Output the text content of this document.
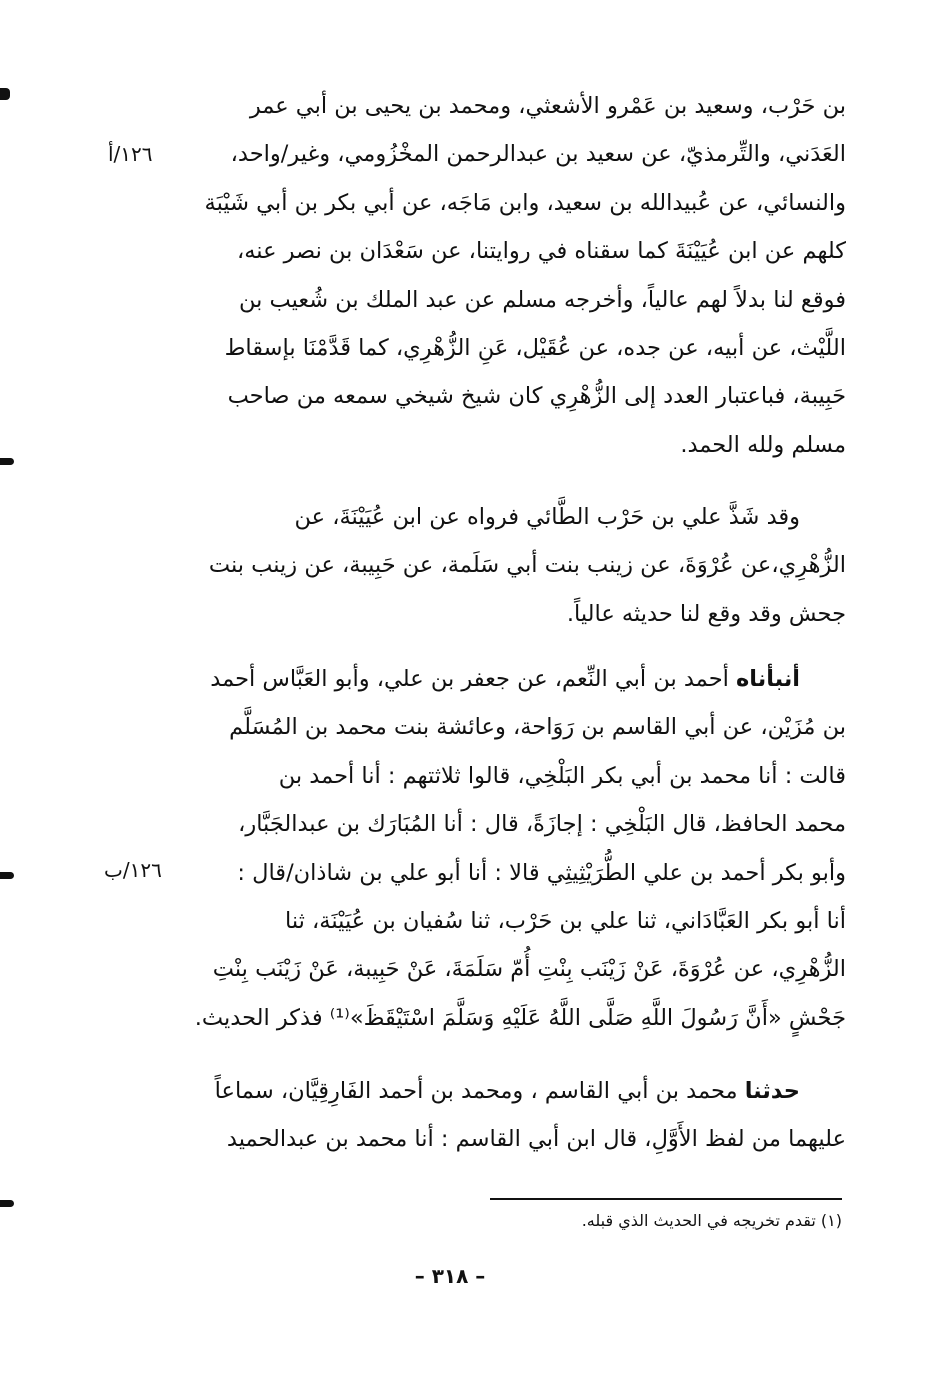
بن حَرْب، وسعيد بن عَمْرو الأشعثي، ومحمد بن يحيى بن أبي عمر
العَدَني، والتِّرمذيّ، عن سعيد بن عبدالرحمن المخْزُومي، وغير/واحد،
والنسائي، عن عُبيدالله بن سعيد، وابن مَاجَه، عن أبي بكر بن أبي شَيْبَة
كلهم عن ابن عُيَيْنَةَ كما سقناه في روايتنا، عن سَعْدَان بن نصر عنه،
فوقع لنا بدلاً لهم عالياً، وأخرجه مسلم عن عبد الملك بن شُعيب بن
اللَّيْث، عن أبيه، عن جده، عن عُقَيْل، عَنِ الزُّهْرِي، كما قَدَّمْنَا بإسقاط
حَبِيبة، فباعتبار العدد إلى الزُّهْرِي كان شيخ شيخي سمعه من صاحب
مسلم ولله الحمد.
وقد شَذَّ علي بن حَرْب الطَّائي فرواه عن ابن عُيَيْنَةَ، عن
الزُّهْرِي،عن عُرْوَةَ، عن زينب بنت أبي سَلَمة، عن حَبِيبة، عن زينب بنت
جحش وقد وقع لنا حديثه عالياً.
أنبأناه أحمد بن أبي النِّعم، عن جعفر بن علي، وأبو العَبَّاس أحمد
بن مُزَيْن، عن أبي القاسم بن رَوَاحة، وعائشة بنت محمد بن المُسَلَّم
قالت : أنا محمد بن أبي بكر البَلْخِي، قالوا ثلاثتهم : أنا أحمد بن
محمد الحافظ، قال البَلْخِي : إجازَةً، قال : أنا المُبَارَك بن عبدالجَبَّار،
وأبو بكر أحمد بن علي الطُّرَيْثِيثِي قالا : أنا أبو علي بن شاذان/قال :
أنا أبو بكر العَبَّادَاني، ثنا علي بن حَرْب، ثنا سُفيان بن عُيَيْنَة، ثنا
الزُّهْرِي، عن عُرْوَةَ، عَنْ زَيْنَب بِنْتِ أُمّ سَلَمَةَ، عَنْ حَبِيبة، عَنْ زَيْنَب بِنْتِ
جَحْشٍ «أَنَّ رَسُولَ اللَّهِ صَلَّى اللَّهُ عَلَيْهِ وَسَلَّمَ اسْتَيْقَظَ»⁽¹⁾ فذكر الحديث.
حدثنا محمد بن أبي القاسم ، ومحمد بن أحمد الفَارِقِيَّان، سماعاً
عليهما من لفظ الأَوَّلِ، قال ابن أبي القاسم : أنا محمد بن عبدالحميد
١٢٦/أ
١٢٦/ب
(١) تقدم تخريجه في الحديث الذي قبله.
– ٣١٨ –
